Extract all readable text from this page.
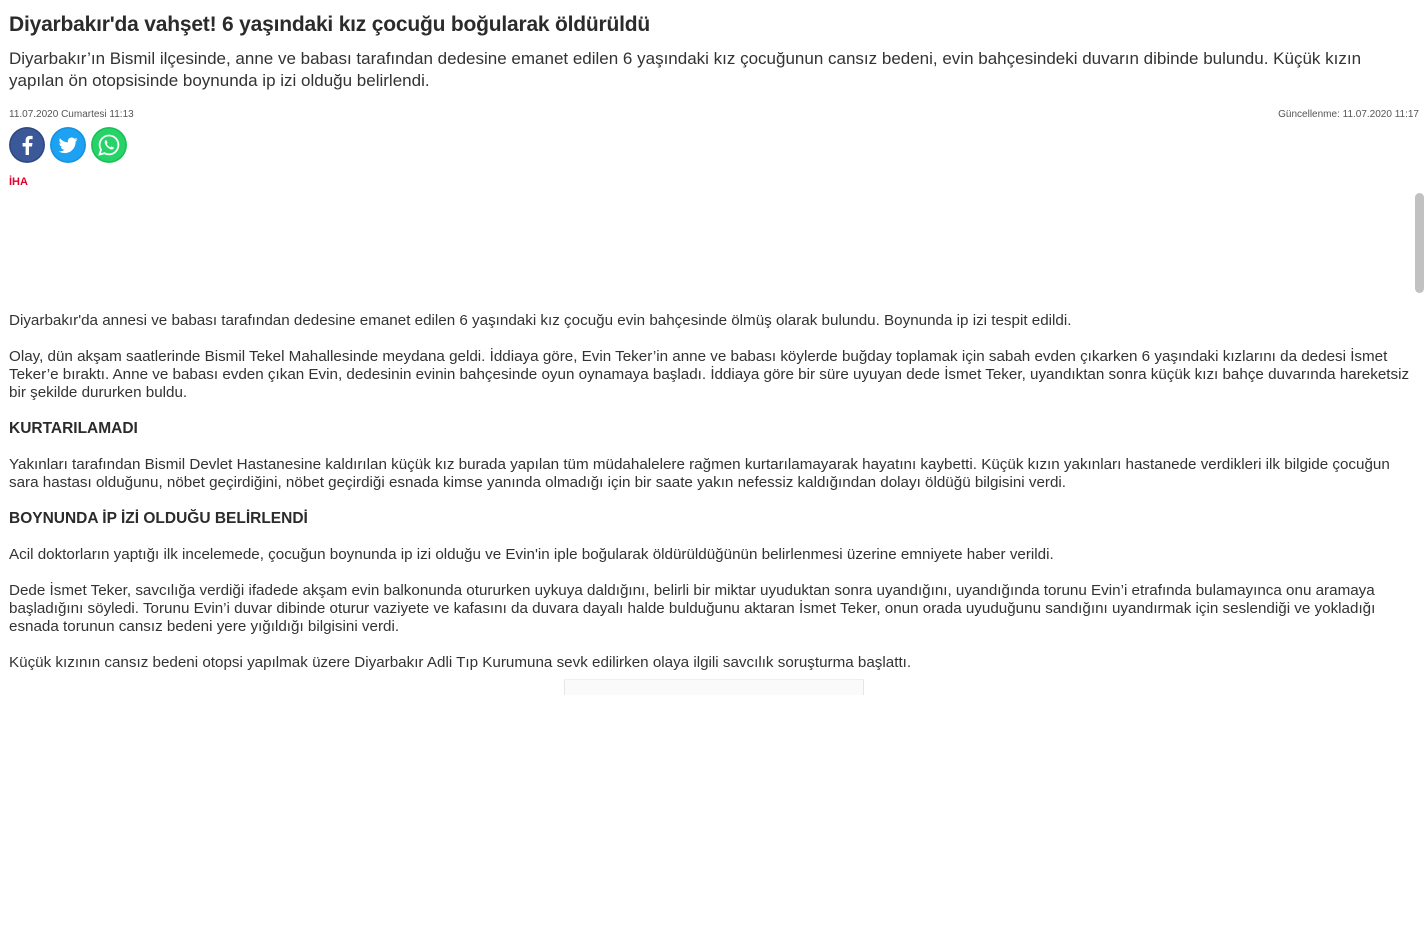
Diyarbakır'da vahşet! 6 yaşındaki kız çocuğu boğularak öldürüldü

Diyarbakır’ın Bismil ilçesinde, anne ve babası tarafından dedesine emanet edilen 6 yaşındaki kız çocuğunun cansız bedeni, evin bahçesindeki duvarın dibinde bulundu. Küçük kızın yapılan ön otopsisinde boynunda ip izi olduğu belirlendi.

11.07.2020 Cumartesi 11:13	Güncellenme: 11.07.2020 11:17
İHA

Diyarbakır'da annesi ve babası tarafından dedesine emanet edilen 6 yaşındaki kız çocuğu evin bahçesinde ölmüş olarak bulundu. Boynunda ip izi tespit edildi.

Olay, dün akşam saatlerinde Bismil Tekel Mahallesinde meydana geldi. İddiaya göre, Evin Teker’in anne ve babası köylerde buğday toplamak için sabah evden çıkarken 6 yaşındaki kızlarını da dedesi İsmet Teker’e bıraktı. Anne ve babası evden çıkan Evin, dedesinin evinin bahçesinde oyun oynamaya başladı. İddiaya göre bir süre uyuyan dede İsmet Teker, uyandıktan sonra küçük kızı bahçe duvarında hareketsiz bir şekilde dururken buldu.

KURTARILAMADI

Yakınları tarafından Bismil Devlet Hastanesine kaldırılan küçük kız burada yapılan tüm müdahalelere rağmen kurtarılamayarak hayatını kaybetti. Küçük kızın yakınları hastanede verdikleri ilk bilgide çocuğun sara hastası olduğunu, nöbet geçirdiğini, nöbet geçirdiği esnada kimse yanında olmadığı için bir saate yakın nefessiz kaldığından dolayı öldüğü bilgisini verdi.

BOYNUNDA İP İZİ OLDUĞU BELİRLENDİ

Acil doktorların yaptığı ilk incelemede, çocuğun boynunda ip izi olduğu ve Evin'in iple boğularak öldürüldüğünün belirlenmesi üzerine emniyete haber verildi.

Dede İsmet Teker, savcılığa verdiği ifadede akşam evin balkonunda otururken uykuya daldığını, belirli bir miktar uyuduktan sonra uyandığını, uyandığında torunu Evin’i etrafında bulamayınca onu aramaya başladığını söyledi. Torunu Evin’i duvar dibinde oturur vaziyete ve kafasını da duvara dayalı halde bulduğunu aktaran İsmet Teker, onun orada uyuduğunu sandığını uyandırmak için seslendiği ve yokladığı esnada torunun cansız bedeni yere yığıldığı bilgisini verdi.

Küçük kızının cansız bedeni otopsi yapılmak üzere Diyarbakır Adli Tıp Kurumuna sevk edilirken olaya ilgili savcılık soruşturma başlattı.
